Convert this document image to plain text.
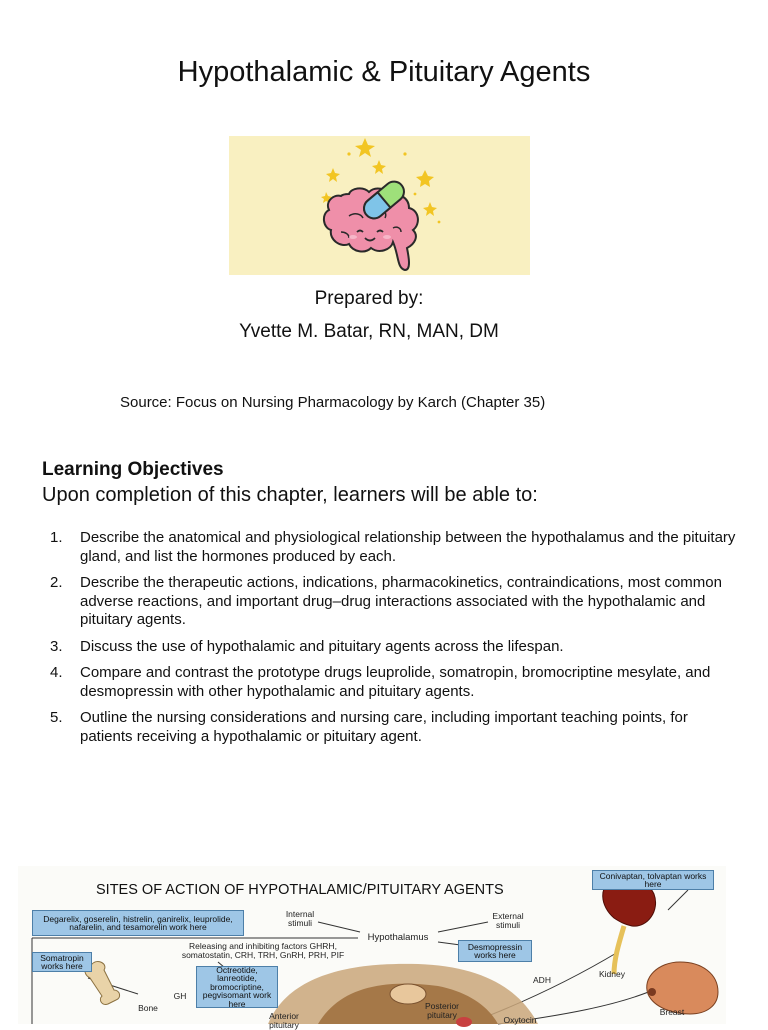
Hypothalamic & Pituitary Agents
Prepared by:
Yvette M. Batar, RN, MAN, DM
Source: Focus on Nursing Pharmacology by Karch (Chapter 35)
Learning Objectives
Upon completion of this chapter, learners will be able to:
1.	Describe the anatomical and physiological relationship between the hypothalamus and the pituitary gland, and list the hormones produced by each.
2.	Describe the therapeutic actions, indications, pharmacokinetics, contraindications, most common adverse reactions, and important drug–drug interactions associated with the hypothalamic and pituitary agents.
3.	Discuss the use of hypothalamic and pituitary agents across the lifespan.
4.	Compare and contrast the prototype drugs leuprolide, somatropin, bromocriptine mesylate, and desmopressin with other hypothalamic and pituitary agents.
5.	Outline the nursing considerations and nursing care, including important teaching points, for patients receiving a hypothalamic or pituitary agent.
SITES OF ACTION OF HYPOTHALAMIC/PITUITARY AGENTS
Degarelix, goserelin, histrelin, ganirelix, leuprolide, nafarelin, and tesamorelin work here
Somatropin works here	Octreotide, lanreotide, bromocriptine, pegvisomant work here
Desmopressin works here
Conivaptan, tolvaptan works here
Internal stimuli
External stimuli
Hypothalamus
Releasing and inhibiting factors GHRH, somatostatin, CRH, TRH, GnRH, PRH, PIF
GH
Bone
Anterior pituitary
Posterior pituitary
ADH
Oxytocin
Kidney
Breast
